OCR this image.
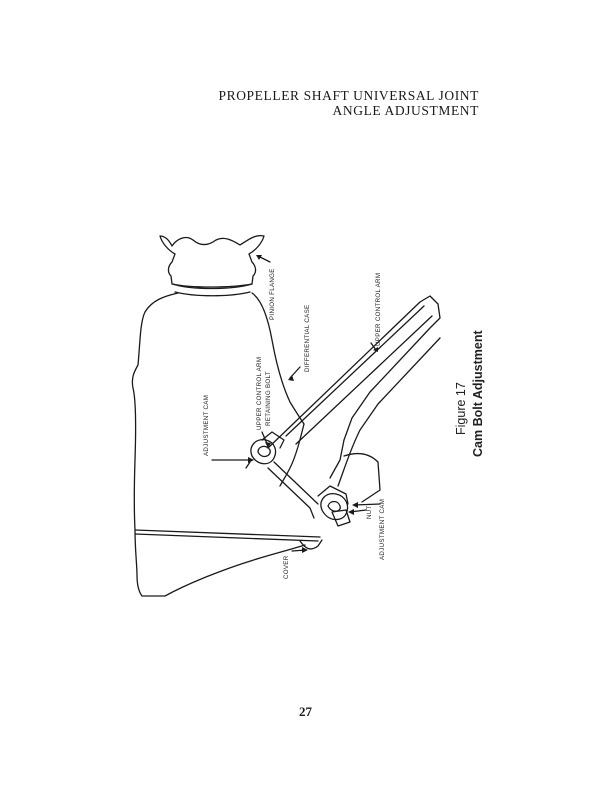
PROPELLER SHAFT UNIVERSAL JOINT
ANGLE ADJUSTMENT
PINION FLANGE
DIFFERENTIAL CASE	UPPER CONTROL ARM
ADJUSTMENT CAM	UPPER CONTROL ARM RETAINING BOLT
NUT ADJUSTMENT CAM
COVER
Figure 17 Cam Bolt Adjustment
27
